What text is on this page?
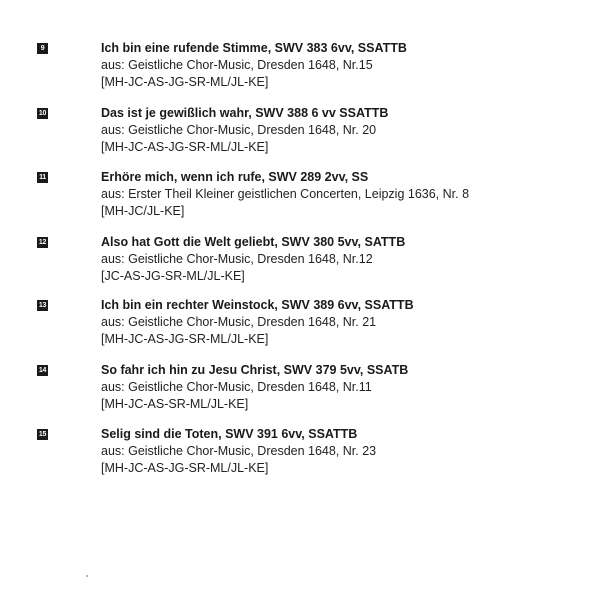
9	Ich bin eine rufende Stimme, SWV 383 6vv, SSATTB
aus: Geistliche Chor-Music, Dresden 1648, Nr.15
[MH-JC-AS-JG-SR-ML/JL-KE]
10	Das ist je gewißlich wahr, SWV 388 6 vv SSATTB
aus: Geistliche Chor-Music, Dresden 1648, Nr. 20
[MH-JC-AS-JG-SR-ML/JL-KE]
11	Erhöre mich, wenn ich rufe, SWV 289 2vv, SS
aus: Erster Theil Kleiner geistlichen Concerten, Leipzig 1636, Nr. 8
[MH-JC/JL-KE]
12	Also hat Gott die Welt geliebt, SWV 380 5vv, SATTB
aus: Geistliche Chor-Music, Dresden 1648, Nr.12
[JC-AS-JG-SR-ML/JL-KE]
13	Ich bin ein rechter Weinstock, SWV 389 6vv, SSATTB
aus: Geistliche Chor-Music, Dresden 1648, Nr. 21
[MH-JC-AS-JG-SR-ML/JL-KE]
14	So fahr ich hin zu Jesu Christ, SWV 379 5vv, SSATB
aus: Geistliche Chor-Music, Dresden 1648, Nr.11
[MH-JC-AS-SR-ML/JL-KE]
15	Selig sind die Toten, SWV 391 6vv, SSATTB
aus: Geistliche Chor-Music, Dresden 1648, Nr. 23
[MH-JC-AS-JG-SR-ML/JL-KE]
